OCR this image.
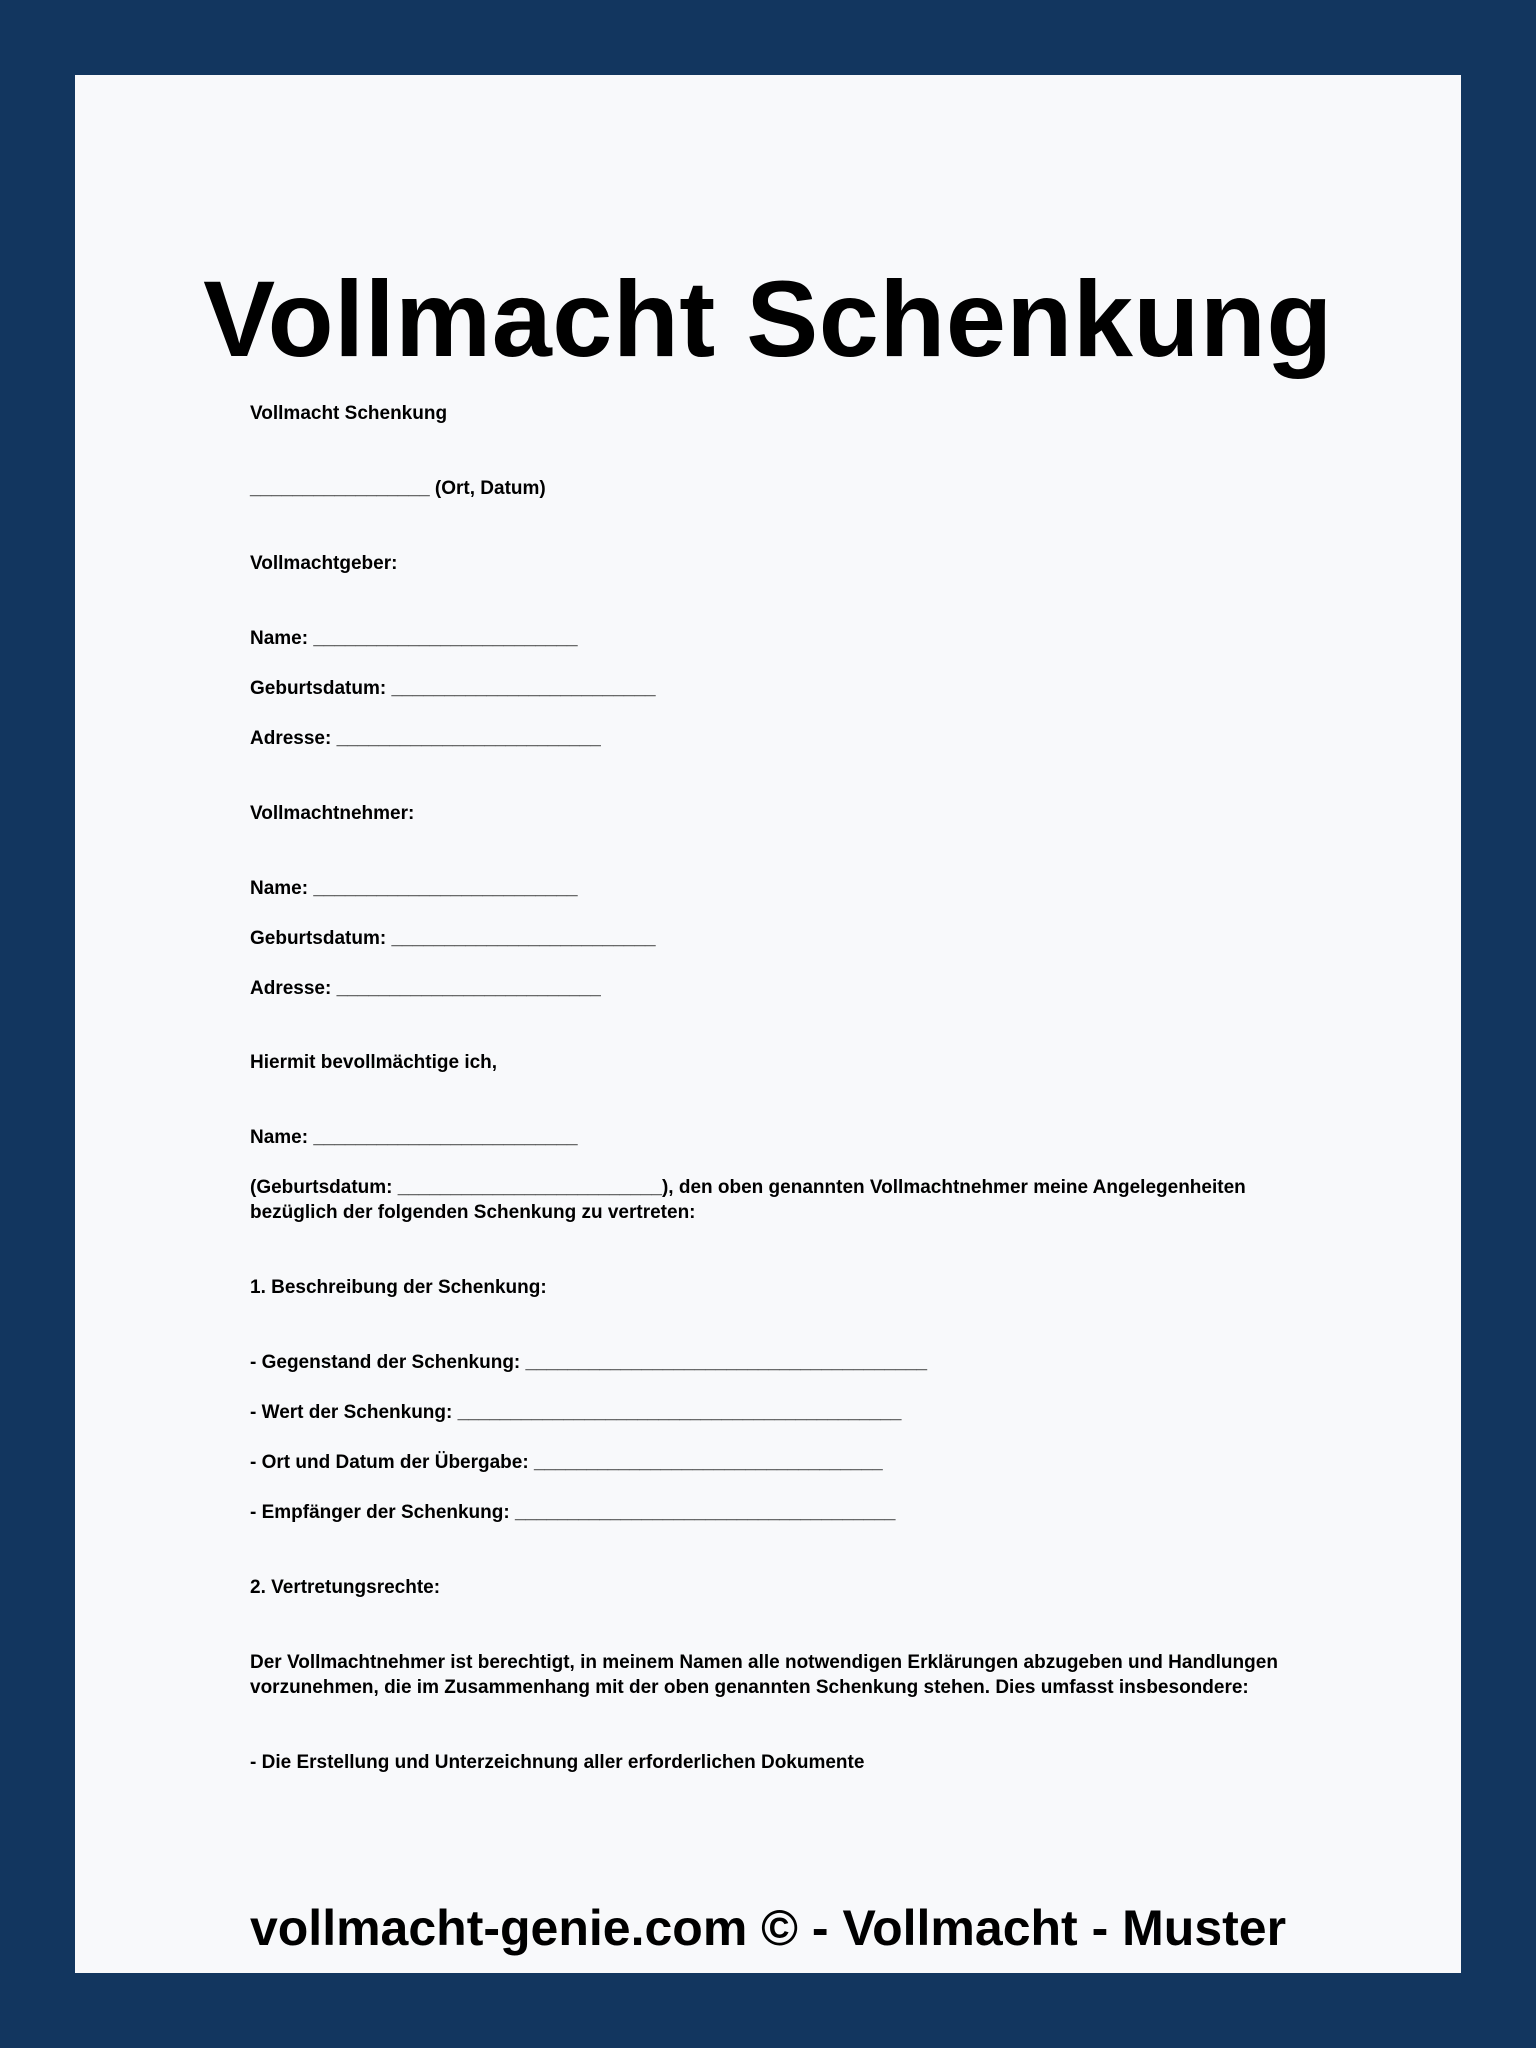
Vollmacht Schenkung
Vollmacht Schenkung
_________________ (Ort, Datum)
Vollmachtgeber:
Name: _________________________
Geburtsdatum: _________________________
Adresse: _________________________
Vollmachtnehmer:
Name: _________________________
Geburtsdatum: _________________________
Adresse: _________________________
Hiermit bevollmächtige ich,
Name: _________________________
(Geburtsdatum: _________________________), den oben genannten Vollmachtnehmer meine Angelegenheiten bezüglich der folgenden Schenkung zu vertreten:
1. Beschreibung der Schenkung:
- Gegenstand der Schenkung: ______________________________________
- Wert der Schenkung: __________________________________________
- Ort und Datum der Übergabe: _________________________________
- Empfänger der Schenkung: ____________________________________
2. Vertretungsrechte:
Der Vollmachtnehmer ist berechtigt, in meinem Namen alle notwendigen Erklärungen abzugeben und Handlungen vorzunehmen, die im Zusammenhang mit der oben genannten Schenkung stehen. Dies umfasst insbesondere:
- Die Erstellung und Unterzeichnung aller erforderlichen Dokumente
vollmacht-genie.com © - Vollmacht - Muster
